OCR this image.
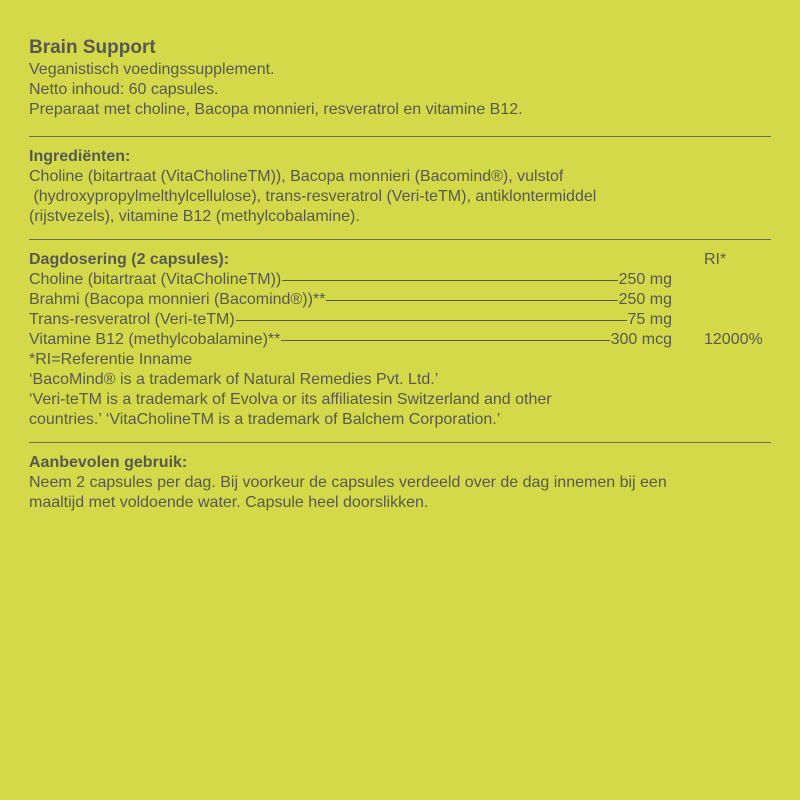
Brain Support
Veganistisch voedingssupplement.
Netto inhoud: 60 capsules.
Preparaat met choline, Bacopa monnieri, resveratrol en vitamine B12.
Ingrediënten:
Choline (bitartraat (VitaCholineTM)), Bacopa monnieri (Bacomind®), vulstof
(hydroxypropylmelthylcellulose), trans-resveratrol (Veri-teTM), antiklontermiddel
(rijstvezels), vitamine B12 (methylcobalamine).
Dagdosering (2 capsules):	RI*
Choline (bitartraat (VitaCholineTM))	250 mg
Brahmi (Bacopa monnieri (Bacomind®))**	250 mg
Trans-resveratrol (Veri-teTM)	75 mg
Vitamine B12 (methylcobalamine)**	300 mcg 12000%
*RI=Referentie Inname
‘BacoMind® is a trademark of Natural Remedies Pvt. Ltd.’
‘Veri-teTM is a trademark of Evolva or its affiliatesin Switzerland and other
countries.’ ‘VitaCholineTM is a trademark of Balchem Corporation.’
Aanbevolen gebruik:
Neem 2 capsules per dag. Bij voorkeur de capsules verdeeld over de dag innemen bij een
maaltijd met voldoende water. Capsule heel doorslikken.
